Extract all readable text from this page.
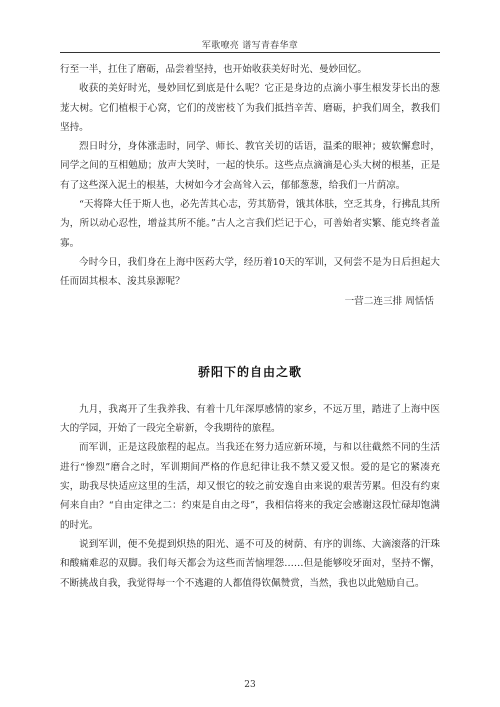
军歌嘹亮 谱写青春华章

行至一半，扛住了磨砺，品尝着坚持，也开始收获美好时光、曼妙回忆。

收获的美好时光，曼妙回忆到底是什么呢？它正是身边的点滴小事生根发芽长出的葱茏大树。它们植根于心窝，它们的茂密枝丫为我们抵挡辛苦、磨砺，护我们周全，教我们坚持。

烈日时分，身体涨恚时，同学、师长、教官关切的话语，温柔的眼神；疲软懈怠时，同学之间的互相勉励；放声大笑时，一起的快乐。这些点点滴滴是心头大树的根基，正是有了这些深入泥土的根基，大树如今才会高耸入云，郁郁葱葱，给我们一片荫凉。

“天将降大任于斯人也，必先苦其心志，劳其筋骨，饿其体肤，空乏其身，行拂乱其所为，所以动心忍性，增益其所不能。”古人之言我们烂记于心，可善始者实繁、能克终者盖寡。

今时今日，我们身在上海中医药大学，经历着10天的军训，又何尝不是为日后担起大任而固其根本、浚其泉源呢？

一营二连三排 周恬恬

骄阳下的自由之歌

九月，我离开了生我养我、有着十几年深厚感情的家乡，不远万里，踏进了上海中医大的学园，开始了一段完全崭新，令我期待的旅程。

而军训，正是这段旅程的起点。当我还在努力适应新环境，与和以往截然不同的生活进行“惨烈”磨合之时，军训期间严格的作息纪律让我不禁又爱又恨。爱的是它的紧凑充实，助我尽快适应这里的生活，却又恨它的较之前安逸自由来说的艰苦劳累。但没有约束何来自由？“自由定律之二：约束是自由之母”，我相信将来的我定会感谢这段忙碌却饱满的时光。

说到军训，便不免提到炽热的阳光、遥不可及的树荫、有序的训练、大滴滚落的汗珠和酸痛难忍的双脚。我们每天都会为这些而苦恼埋怨……但是能够咬牙面对，坚持不懈，不断挑战自我，我觉得每一个不逃避的人都值得钦佩赞赏，当然，我也以此勉励自己。

23
